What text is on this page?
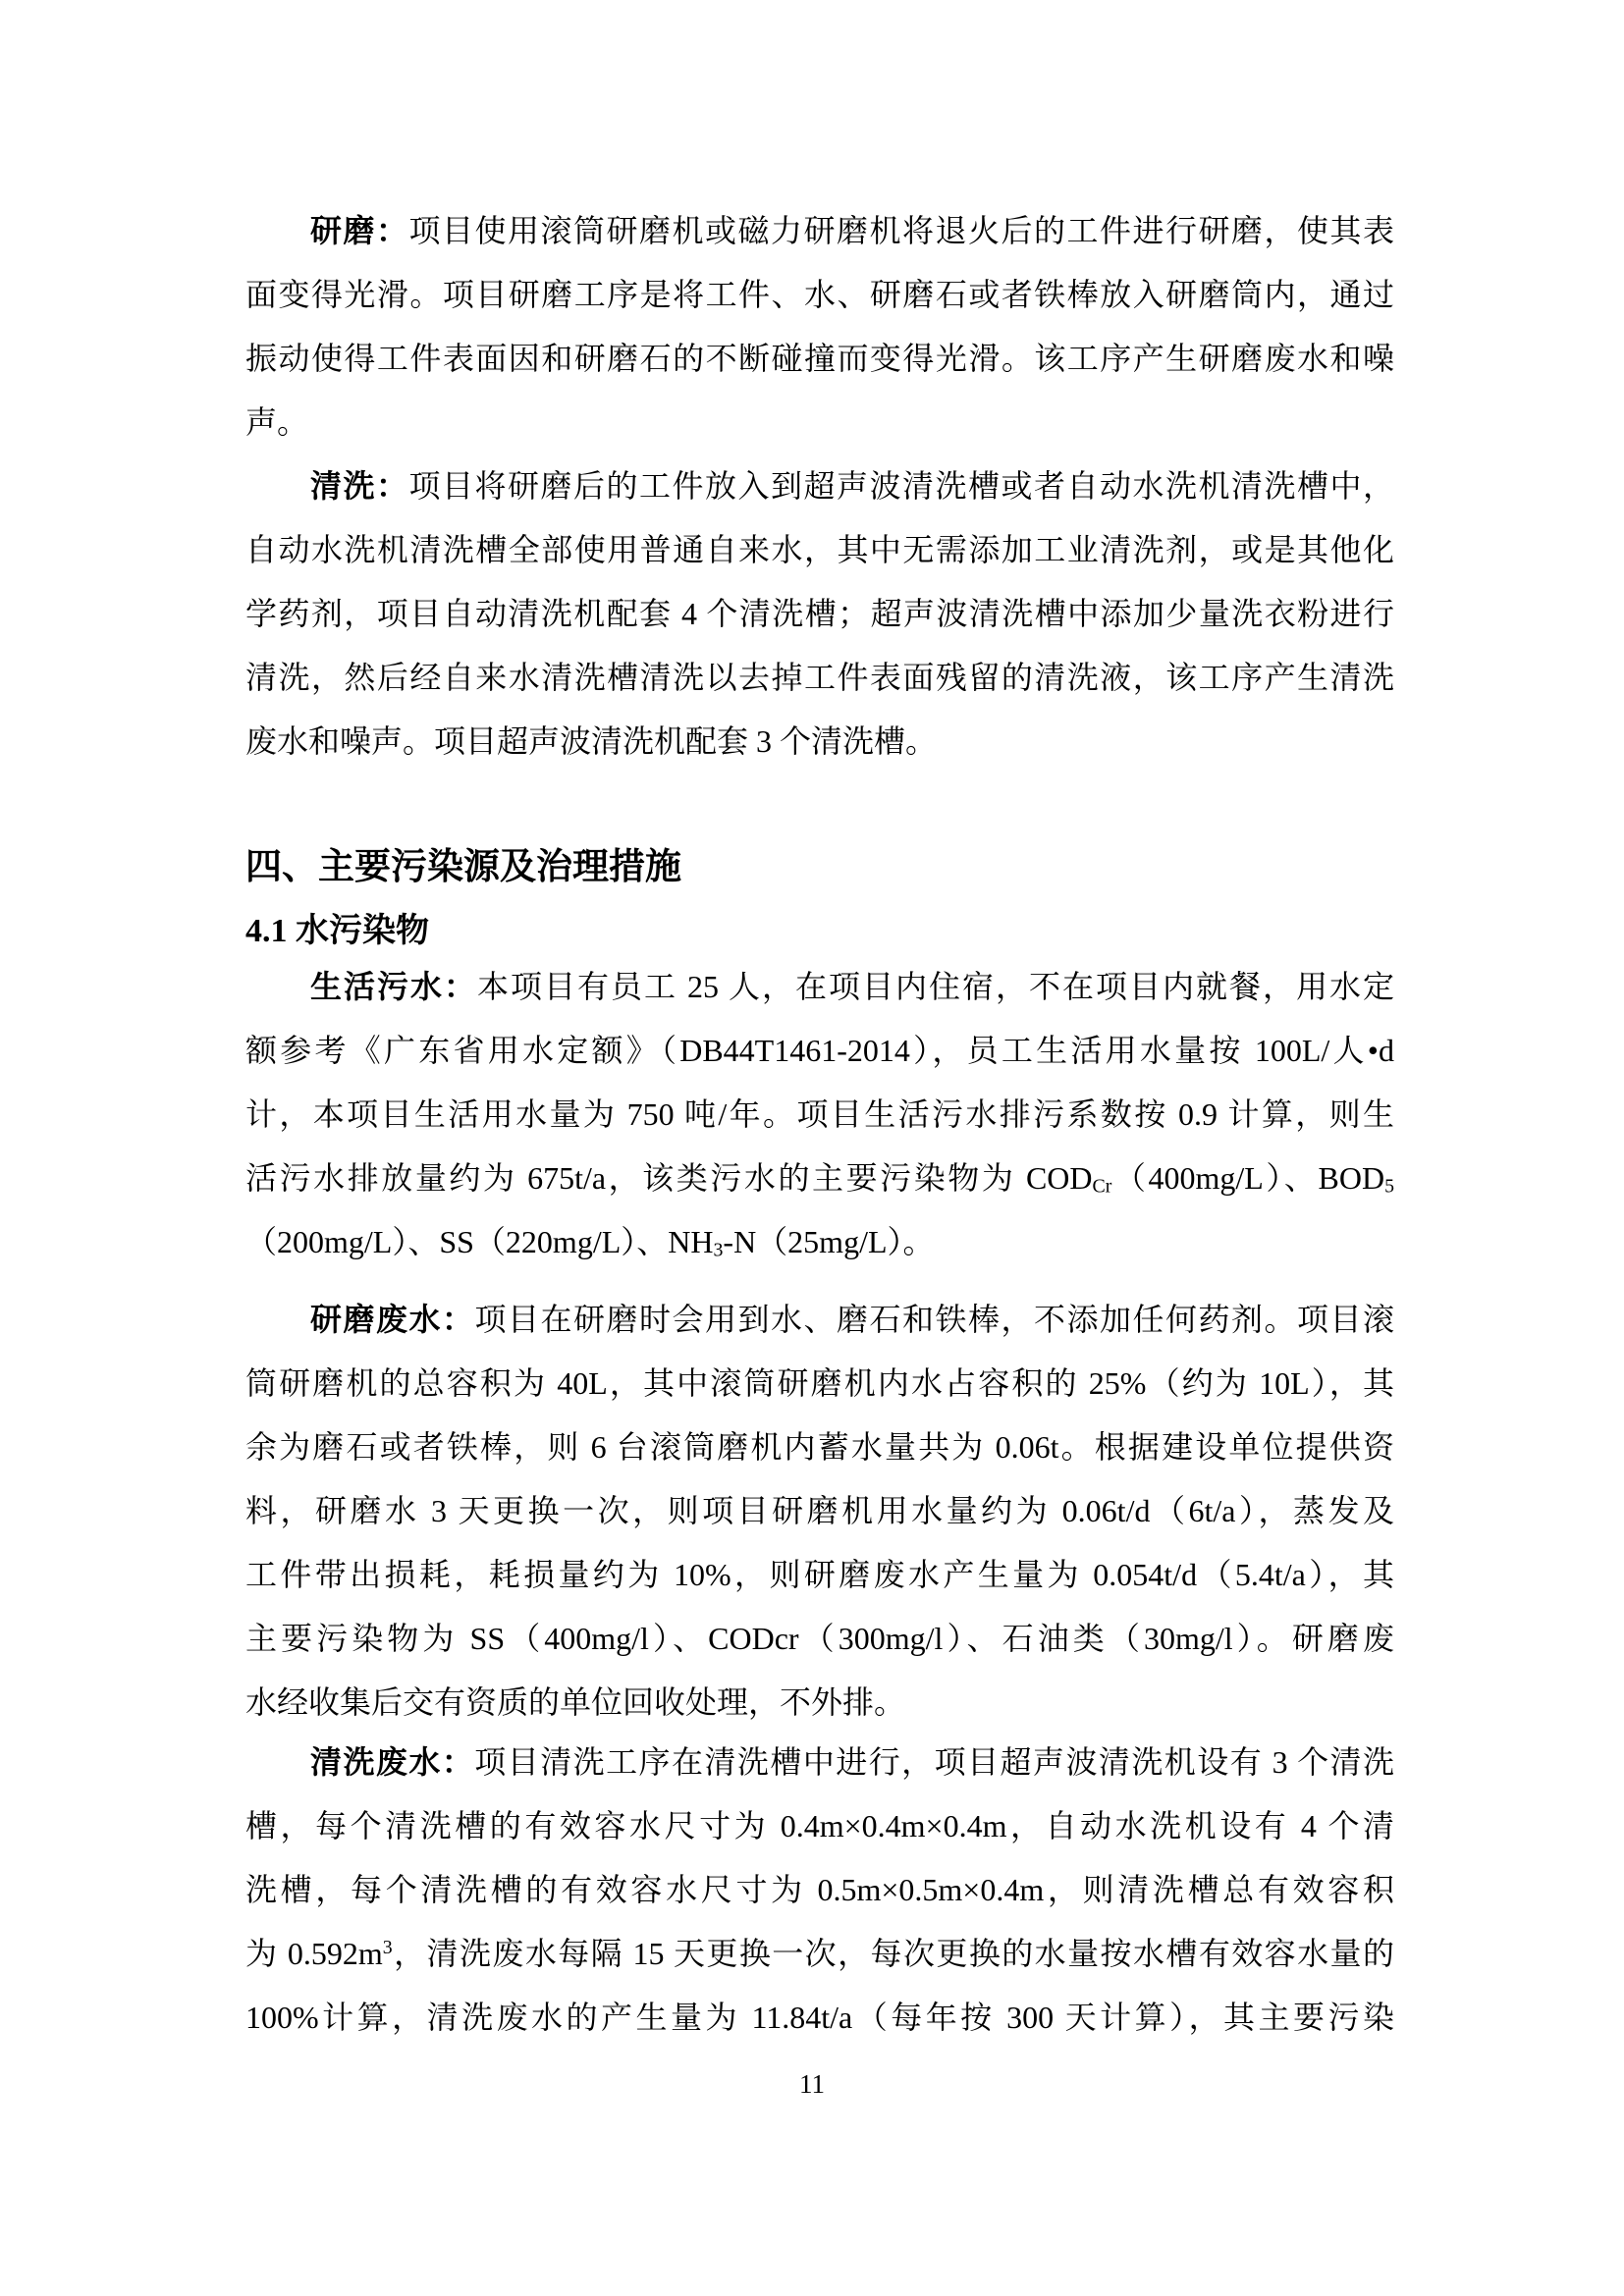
研磨：项目使用滚筒研磨机或磁力研磨机将退火后的工件进行研磨，使其表
面变得光滑。项目研磨工序是将工件、水、研磨石或者铁棒放入研磨筒内，通过
振动使得工件表面因和研磨石的不断碰撞而变得光滑。该工序产生研磨废水和噪
声。
清洗：项目将研磨后的工件放入到超声波清洗槽或者自动水洗机清洗槽中，
自动水洗机清洗槽全部使用普通自来水，其中无需添加工业清洗剂，或是其他化
学药剂，项目自动清洗机配套 4 个清洗槽；超声波清洗槽中添加少量洗衣粉进行
清洗，然后经自来水清洗槽清洗以去掉工件表面残留的清洗液，该工序产生清洗
废水和噪声。项目超声波清洗机配套 3 个清洗槽。
四、主要污染源及治理措施
4.1 水污染物
生活污水：本项目有员工 25 人，在项目内住宿，不在项目内就餐，用水定
额参考《广东省用水定额》（DB44T1461-2014），员工生活用水量按 100L/人•d
计，本项目生活用水量为 750 吨/年。项目生活污水排污系数按 0.9 计算，则生
活污水排放量约为 675t/a，该类污水的主要污染物为 $COD_{Cr}(400mg/L)$、$BOD_5$
（200mg/L）、SS（220mg/L）、$NH_3-N(25mg/L)$。
研磨废水：项目在研磨时会用到水、磨石和铁棒，不添加任何药剂。项目滚
筒研磨机的总容积为 40L，其中滚筒研磨机内水占容积的 25%（约为 10L），其
余为磨石或者铁棒，则 6 台滚筒磨机内蓄水量共为 0.06t。根据建设单位提供资
料，研磨水 3 天更换一次，则项目研磨机用水量约为 0.06t/d（6t/a），蒸发及
工件带出损耗，耗损量约为 10%，则研磨废水产生量为 0.054t/d（5.4t/a），其
主要污染物为 SS（400mg/l）、CODcr（300mg/l）、石油类（30mg/l）。研磨废
水经收集后交有资质的单位回收处理，不外排。
清洗废水：项目清洗工序在清洗槽中进行，项目超声波清洗机设有 3 个清洗
槽，每个清洗槽的有效容水尺寸为 0.4m×0.4m×0.4m，自动水洗机设有 4 个清
洗槽，每个清洗槽的有效容水尺寸为 0.5m×0.5m×0.4m，则清洗槽总有效容积
为 $0.592m^3$，清洗废水每隔 15 天更换一次，每次更换的水量按水槽有效容水量的
100%计算，清洗废水的产生量为 11.84t/a（每年按 300 天计算），其主要污染
11
